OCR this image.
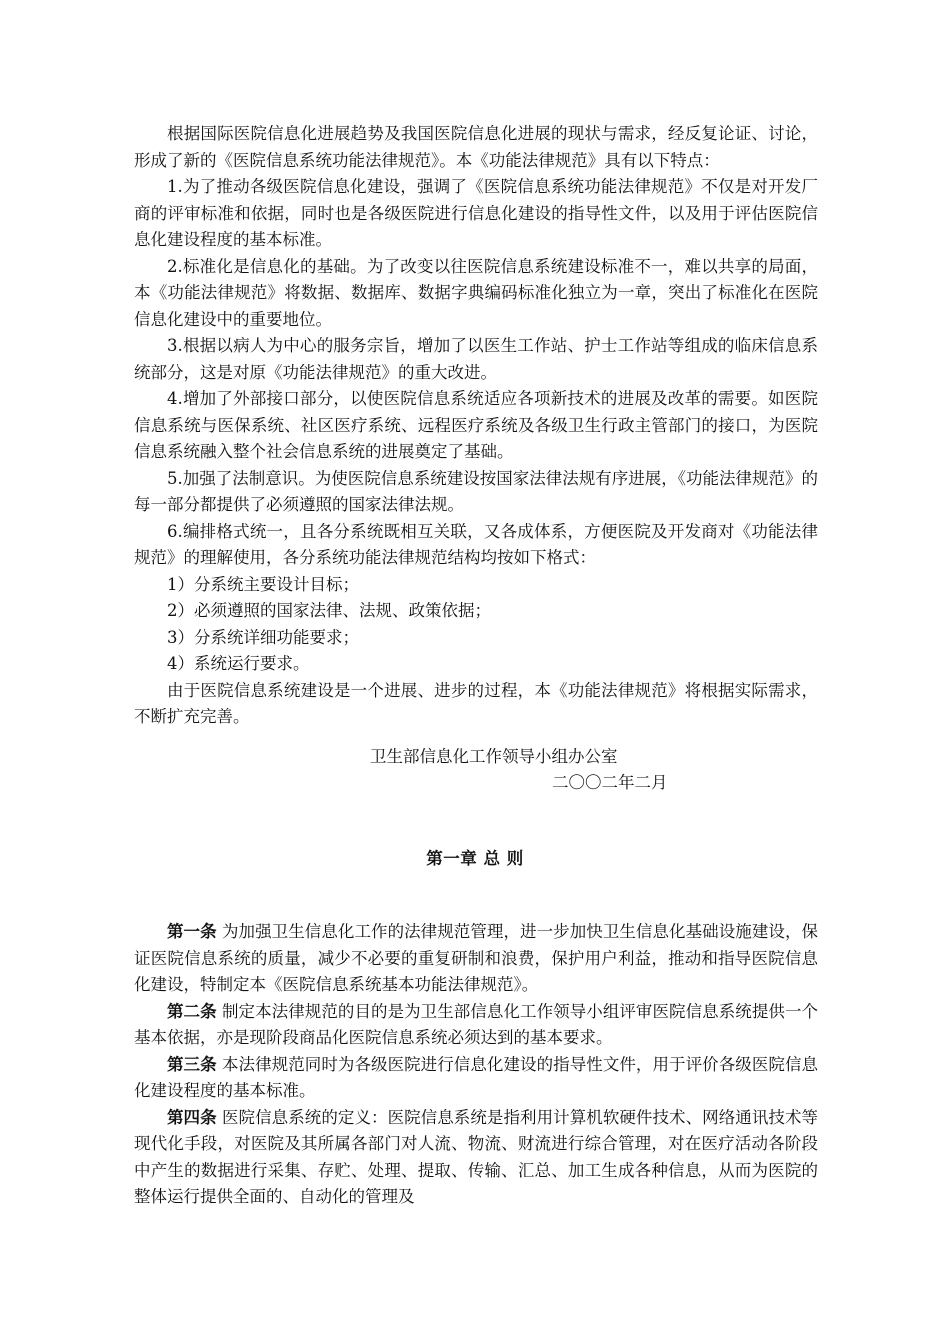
根据国际医院信息化进展趋势及我国医院信息化进展的现状与需求，经反复论证、讨论，形成了新的《医院信息系统功能法律规范》。本《功能法律规范》具有以下特点：

1.为了推动各级医院信息化建设，强调了《医院信息系统功能法律规范》不仅是对开发厂商的评审标准和依据，同时也是各级医院进行信息化建设的指导性文件，以及用于评估医院信息化建设程度的基本标准。

2.标准化是信息化的基础。为了改变以往医院信息系统建设标准不一，难以共享的局面，本《功能法律规范》将数据、数据库、数据字典编码标准化独立为一章，突出了标准化在医院信息化建设中的重要地位。

3.根据以病人为中心的服务宗旨，增加了以医生工作站、护士工作站等组成的临床信息系统部分，这是对原《功能法律规范》的重大改进。

4.增加了外部接口部分，以使医院信息系统适应各项新技术的进展及改革的需要。如医院信息系统与医保系统、社区医疗系统、远程医疗系统及各级卫生行政主管部门的接口，为医院信息系统融入整个社会信息系统的进展奠定了基础。

5.加强了法制意识。为使医院信息系统建设按国家法律法规有序进展，《功能法律规范》的每一部分都提供了必须遵照的国家法律法规。

6.编排格式统一，且各分系统既相互关联，又各成体系，方便医院及开发商对《功能法律规范》的理解使用，各分系统功能法律规范结构均按如下格式：

1）分系统主要设计目标；
2）必须遵照的国家法律、法规、政策依据；
3）分系统详细功能要求；
4）系统运行要求。

由于医院信息系统建设是一个进展、进步的过程，本《功能法律规范》将根据实际需求，不断扩充完善。

卫生部信息化工作领导小组办公室
二〇〇二年二月
第一章 总 则

第一条 为加强卫生信息化工作的法律规范管理，进一步加快卫生信息化基础设施建设，保证医院信息系统的质量，减少不必要的重复研制和浪费，保护用户利益，推动和指导医院信息化建设，特制定本《医院信息系统基本功能法律规范》。

第二条 制定本法律规范的目的是为卫生部信息化工作领导小组评审医院信息系统提供一个基本依据，亦是现阶段商品化医院信息系统必须达到的基本要求。

第三条 本法律规范同时为各级医院进行信息化建设的指导性文件，用于评价各级医院信息化建设程度的基本标准。

第四条 医院信息系统的定义：医院信息系统是指利用计算机软硬件技术、网络通讯技术等现代化手段，对医院及其所属各部门对人流、物流、财流进行综合管理，对在医疗活动各阶段中产生的数据进行采集、存贮、处理、提取、传输、汇总、加工生成各种信息，从而为医院的整体运行提供全面的、自动化的管理及
